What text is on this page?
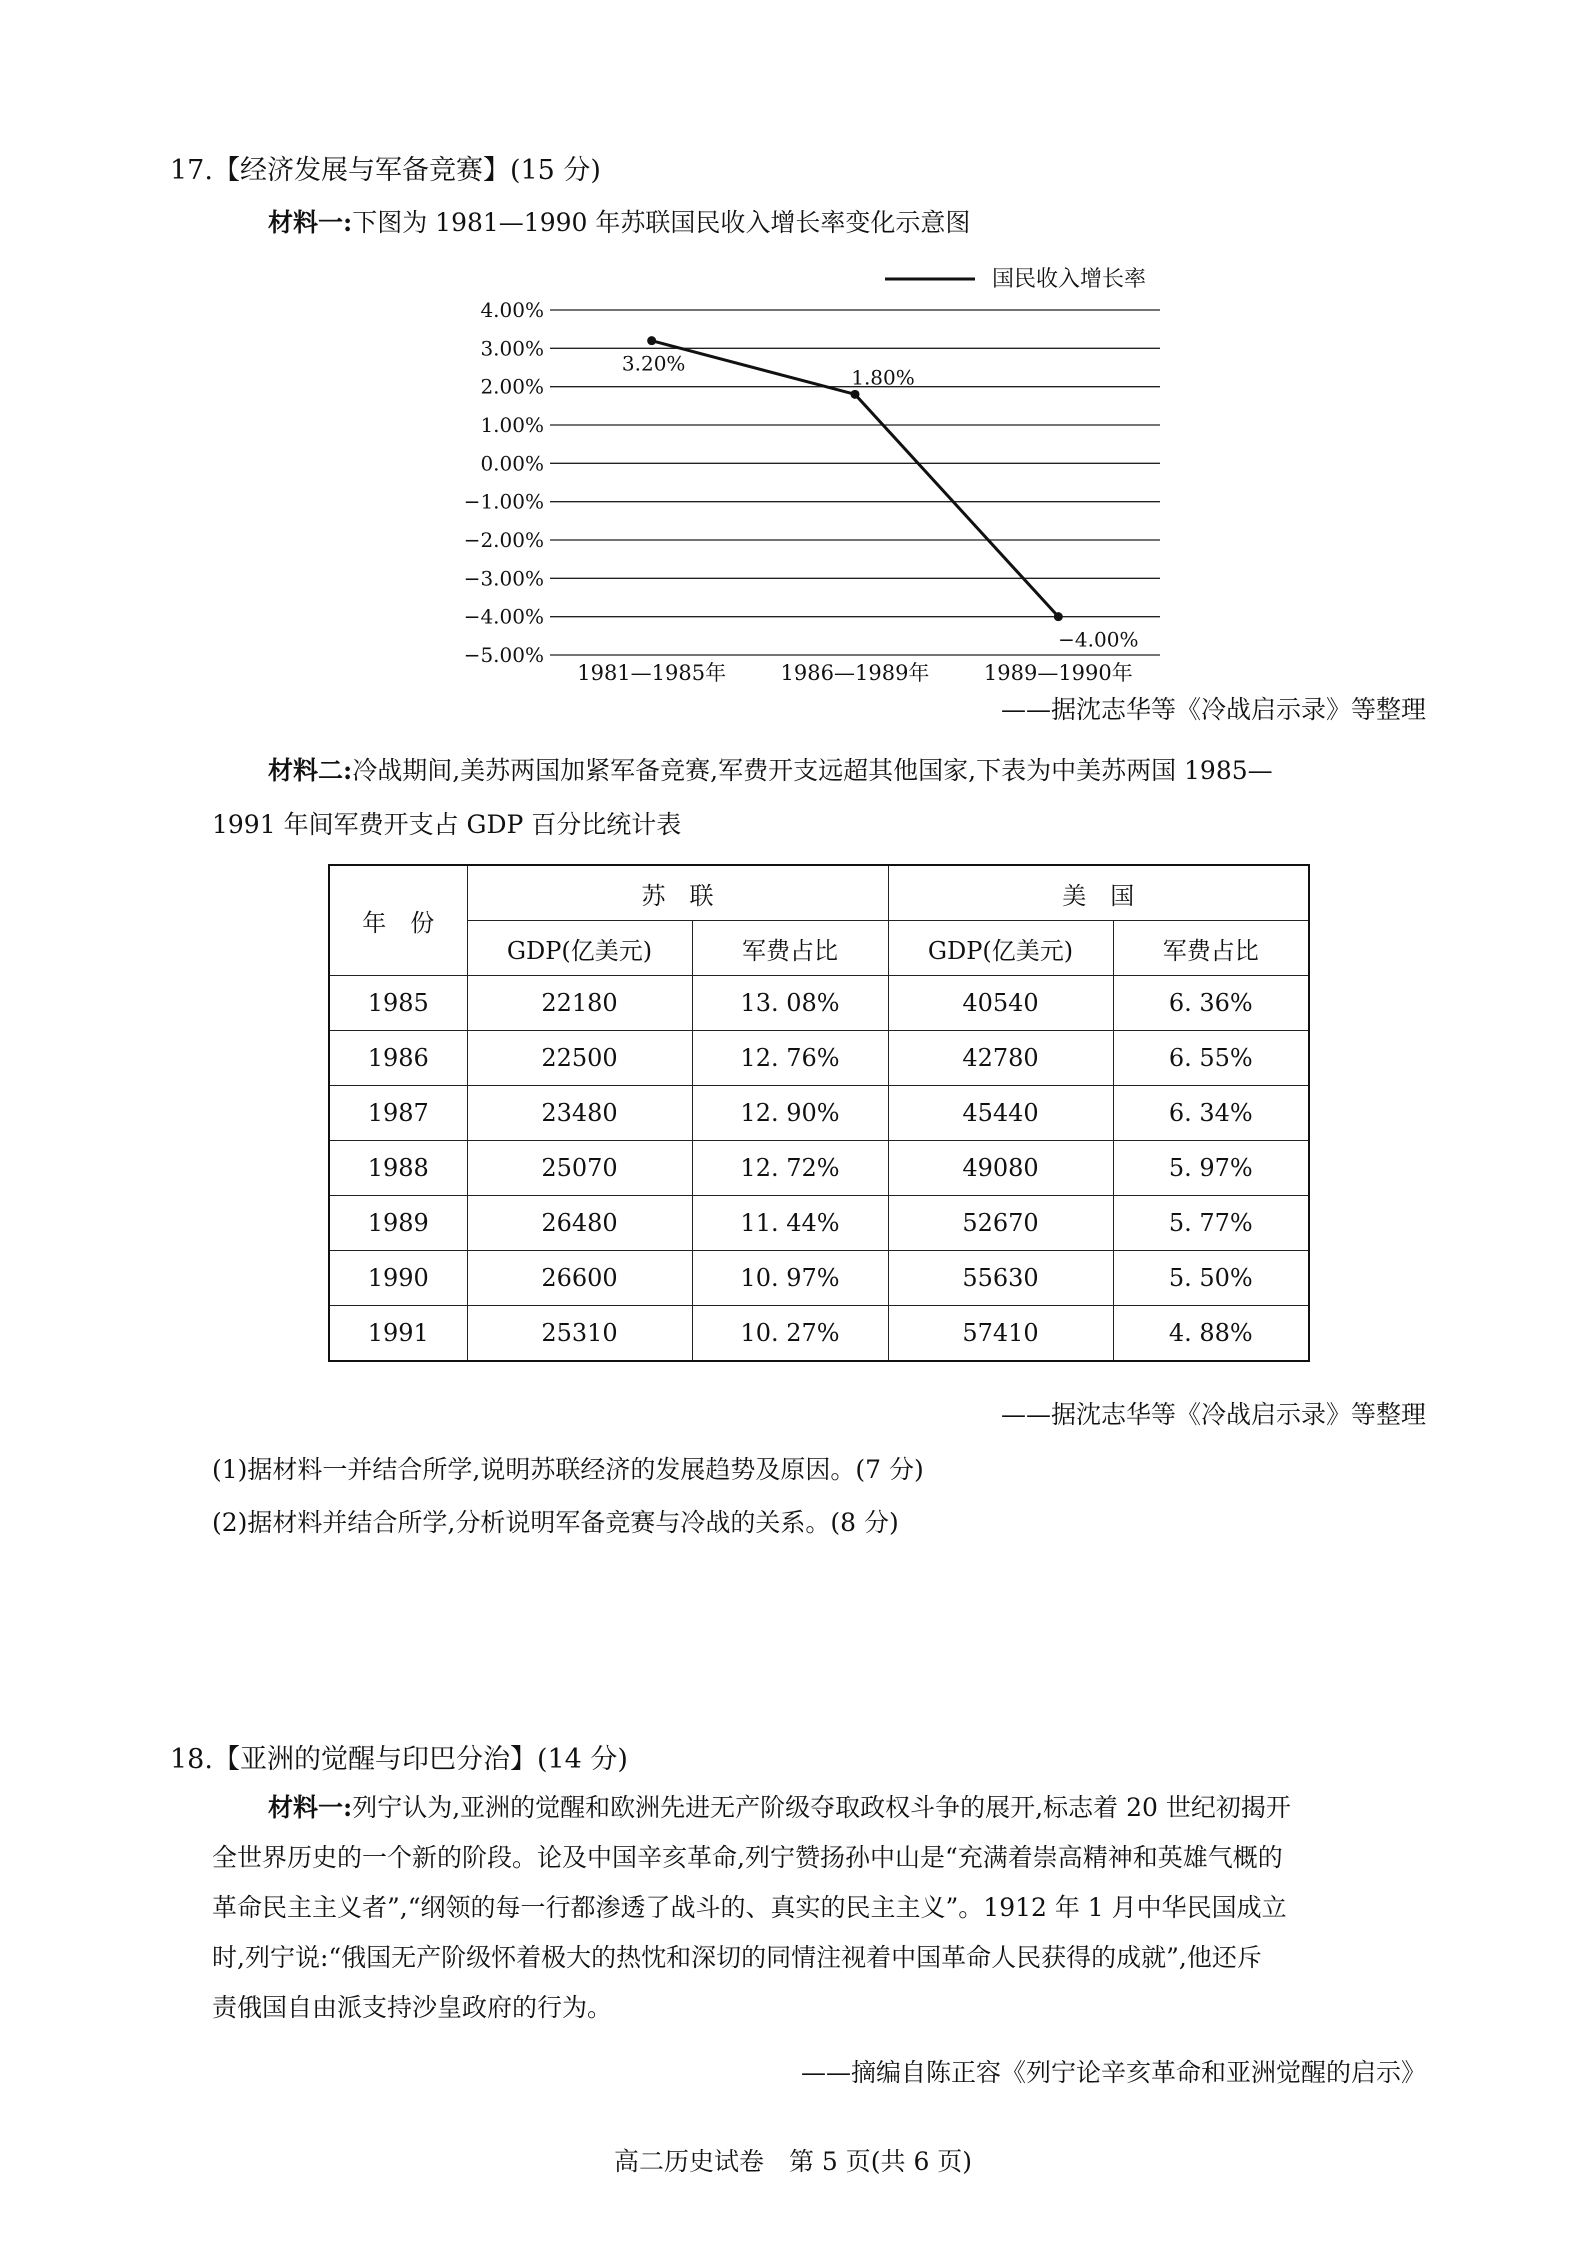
17.【经济发展与军备竞赛】(15 分)
材料一:下图为 1981—1990 年苏联国民收入增长率变化示意图
4.00%
3.00%
2.00%
1.00%
0.00%
−1.00%
−2.00%
−3.00%
−4.00%
−5.00%
1981—1985年	1986—1989年	1989—1990年
3.20%
1.80%
−4.00%
国民收入增长率
——据沈志华等《冷战启示录》等整理
材料二:冷战期间,美苏两国加紧军备竞赛,军费开支远超其他国家,下表为中美苏两国 1985—
1991 年间军费开支占 GDP 百分比统计表
年　份	苏　联		美　国	
	GDP(亿美元)	军费占比	GDP(亿美元)	军费占比
1985	22180	13. 08%	40540	6. 36%
1986	22500	12. 76%	42780	6. 55%
1987	23480	12. 90%	45440	6. 34%
1988	25070	12. 72%	49080	5. 97%
1989	26480	11. 44%	52670	5. 77%
1990	26600	10. 97%	55630	5. 50%
1991	25310	10. 27%	57410	4. 88%
——据沈志华等《冷战启示录》等整理
(1)据材料一并结合所学,说明苏联经济的发展趋势及原因。(7 分)
(2)据材料并结合所学,分析说明军备竞赛与冷战的关系。(8 分)
18.【亚洲的觉醒与印巴分治】(14 分)
材料一:列宁认为,亚洲的觉醒和欧洲先进无产阶级夺取政权斗争的展开,标志着 20 世纪初揭开
全世界历史的一个新的阶段。论及中国辛亥革命,列宁赞扬孙中山是“充满着崇高精神和英雄气概的
革命民主主义者”,“纲领的每一行都渗透了战斗的、真实的民主主义”。1912 年 1 月中华民国成立
时,列宁说:“俄国无产阶级怀着极大的热忱和深切的同情注视着中国革命人民获得的成就”,他还斥
责俄国自由派支持沙皇政府的行为。
——摘编自陈正容《列宁论辛亥革命和亚洲觉醒的启示》
高二历史试卷　第 5 页(共 6 页)
